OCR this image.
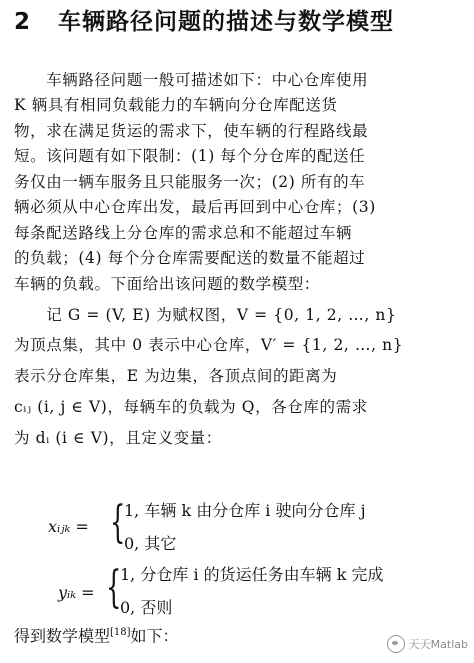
2 车辆路径问题的描述与数学模型
　　车辆路径问题一般可描述如下：中心仓库使用
K 辆具有相同负载能力的车辆向分仓库配送货
物，求在满足货运的需求下，使车辆的行程路线最
短。该问题有如下限制：(1) 每个分仓库的配送任
务仅由一辆车服务且只能服务一次；(2) 所有的车
辆必须从中心仓库出发，最后再回到中心仓库；(3)
每条配送路线上分仓库的需求总和不能超过车辆
的负载；(4) 每个分仓库需要配送的数量不能超过
车辆的负载。下面给出该问题的数学模型：
　　记 G = (V, E) 为赋权图，V = {0, 1, 2, …, n}
为顶点集，其中 0 表示中心仓库，V′ = {1, 2, …, n}
表示分仓库集，E 为边集，各顶点间的距离为
cᵢⱼ (i, j ∈ V)，每辆车的负载为 Q，各仓库的需求
为 dᵢ (i ∈ V)，且定义变量：
xᵢⱼₖ = {
1, 车辆 k 由分仓库 i 驶向分仓库 j
0, 其它
yᵢₖ = {
1, 分仓库 i 的货运任务由车辆 k 完成
0, 否则
得到数学模型[18]如下：	天天Matlab
